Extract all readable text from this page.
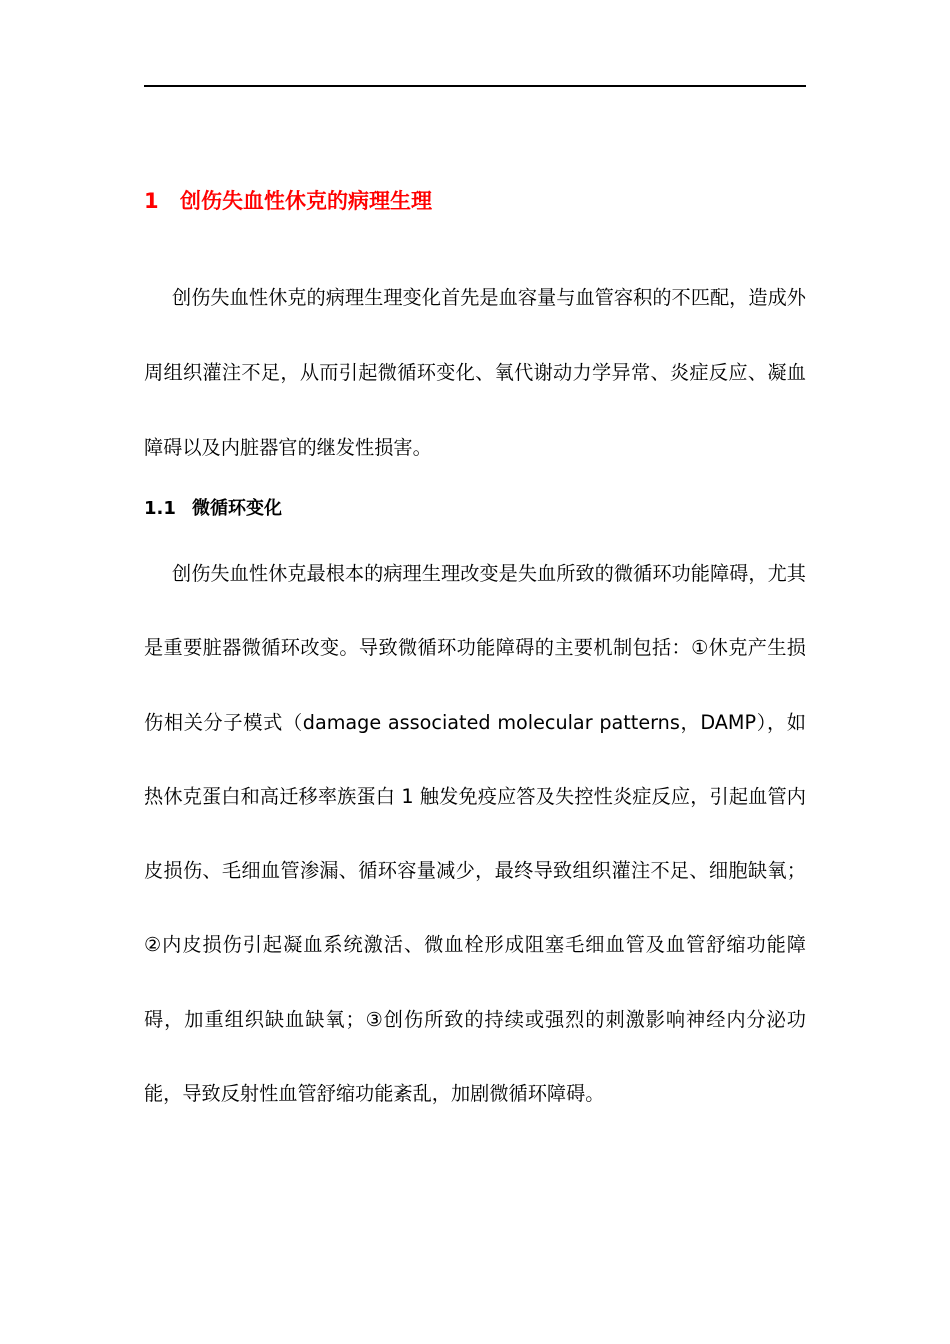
1 创伤失血性休克的病理生理

创伤失血性休克的病理生理变化首先是血容量与血管容积的不匹配，造成外周组织灌注不足，从而引起微循环变化、氧代谢动力学异常、炎症反应、凝血障碍以及内脏器官的继发性损害。

1.1 微循环变化

创伤失血性休克最根本的病理生理改变是失血所致的微循环功能障碍，尤其是重要脏器微循环改变。导致微循环功能障碍的主要机制包括：①休克产生损伤相关分子模式（damage associated molecular patterns，DAMP），如热休克蛋白和高迁移率族蛋白 1 触发免疫应答及失控性炎症反应，引起血管内皮损伤、毛细血管渗漏、循环容量减少，最终导致组织灌注不足、细胞缺氧；②内皮损伤引起凝血系统激活、微血栓形成阻塞毛细血管及血管舒缩功能障碍，加重组织缺血缺氧；③创伤所致的持续或强烈的刺激影响神经内分泌功能，导致反射性血管舒缩功能紊乱，加剧微循环障碍。
